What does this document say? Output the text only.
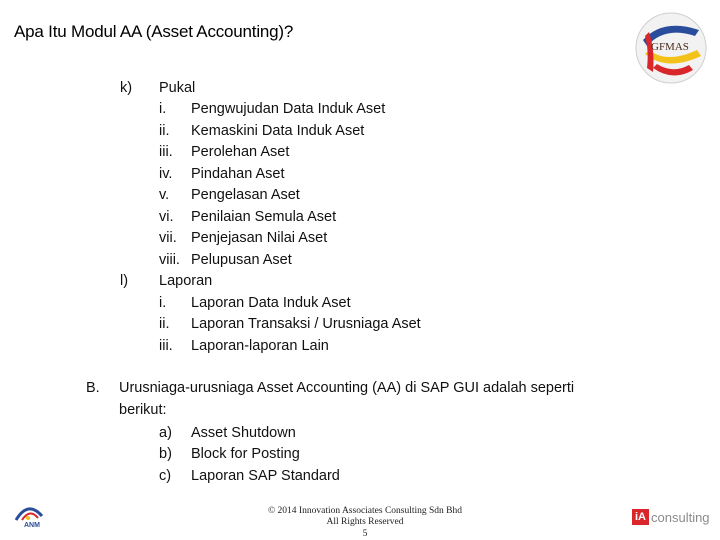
Apa Itu Modul AA (Asset Accounting)?
GFMAS
k) Pukal
i. Pengwujudan Data Induk Aset
ii. Kemaskini Data Induk Aset
iii. Perolehan Aset
iv. Pindahan Aset
v. Pengelasan Aset
vi. Penilaian Semula Aset
vii. Penjejasan Nilai Aset
viii. Pelupusan Aset
l) Laporan
i. Laporan Data Induk Aset
ii. Laporan Transaksi / Urusniaga Aset
iii. Laporan-laporan Lain
B. Urusniaga-urusniaga Asset Accounting (AA) di SAP GUI adalah seperti
berikut:
a) Asset Shutdown
b) Block for Posting
c) Laporan SAP Standard
© 2014 Innovation Associates Consulting Sdn Bhd
All Rights Reserved
5
ANM
iA consulting
